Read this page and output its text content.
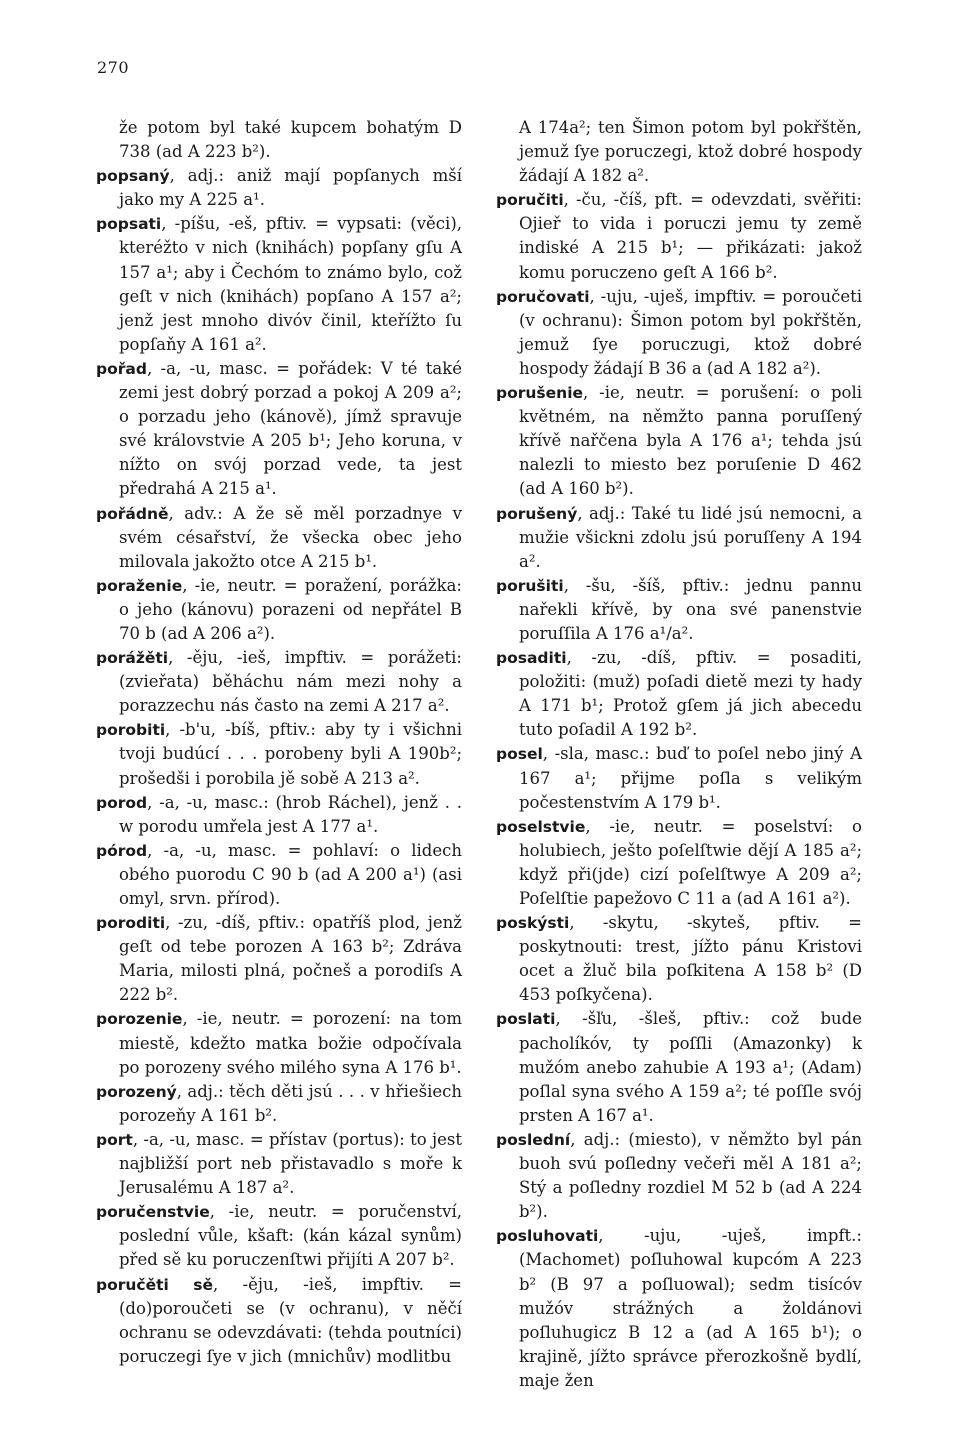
270

že potom byl také kupcem bohatým D 738 (ad A 223 b²).

popsaný, adj.: aniž mají popſanych mší jako my A 225 a¹.

popsati, -píšu, -eš, pftiv. = vypsati: (věci), kteréžto v nich (knihách) popſany gſu A 157 a¹; aby i Čechóm to známo bylo, což geſt v nich (knihách) popſano A 157 a²; jenž jest mnoho divóv činil, kteřížto ſu popſaňy A 161 a².

pořad, -a, -u, masc. = pořádek: V té také zemi jest dobrý porzad a pokoj A 209 a²; o porzadu jeho (kánově), jímž spravuje své královstvie A 205 b¹; Jeho koruna, v nížto on svój porzad vede, ta jest předrahá A 215 a¹.

pořádně, adv.: A že sě měl porzadnye v svém césařství, že všecka obec jeho milovala jakožto otce A 215 b¹.

poraženie, -ie, neutr. = poražení, porážka: o jeho (kánovu) porazeni od nepřátel B 70 b (ad A 206 a²).

porážěti, -ěju, -ieš, impftiv. = porážeti: (zvieřata) běháchu nám mezi nohy a porazzechu nás často na zemi A 217 a².

porobiti, -b'u, -bíš, pftiv.: aby ty i všichni tvoji budúcí . . . porobeny byli A 190b²; prošedši i porobila jě sobě A 213 a².

porod, -a, -u, masc.: (hrob Ráchel), jenž . . w porodu umřela jest A 177 a¹.

pórod, -a, -u, masc. = pohlaví: o lidech obého puorodu C 90 b (ad A 200 a¹) (asi omyl, srvn. přírod).

poroditi, -zu, -díš, pftiv.: opatříš plod, jenž geſt od tebe porozen A 163 b²; Zdráva Maria, milosti plná, počneš a porodiſs A 222 b².

porozenie, -ie, neutr. = porození: na tom miestě, kdežto matka božie odpočívala po porozeny svého milého syna A 176 b¹.

porozený, adj.: těch děti jsú . . . v hřiešiech porozeňy A 161 b².

port, -a, -u, masc. = přístav (portus): to jest najbližší port neb přistavadlo s moře k Jerusalému A 187 a².

poručenstvie, -ie, neutr. = poručenství, poslední vůle, kšaft: (kán kázal synům) před sě ku poruczenſtwi přijíti A 207 b².

poručěti sě, -ěju, -ieš, impftiv. = (do)poroučeti se (v ochranu), v něčí ochranu se odevzdávati: (tehda poutníci) poruczegi ſye v jich (mnichův) modlitbu

A 174a²; ten Šimon potom byl pokřštěn, jemuž ſye poruczegi, ktož dobré hospody žádají A 182 a².

poručiti, -ču, -číš, pft. = odevzdati, svěřiti: Ojieř to vida i poruczi jemu ty země indiské A 215 b¹; — přikázati: jakož komu poruczeno geſt A 166 b².

poručovati, -uju, -uješ, impftiv. = poroučeti (v ochranu): Šimon potom byl pokřštěn, jemuž ſye poruczugi, ktož dobré hospody žádají B 36 a (ad A 182 a²).

porušenie, -ie, neutr. = porušení: o poli květném, na němžto panna poruſſený křívě nařčena byla A 176 a¹; tehda jsú nalezli to miesto bez poruſenie D 462 (ad A 160 b²).

porušený, adj.: Také tu lidé jsú nemocni, a mužie všickni zdolu jsú poruſſeny A 194 a².

porušiti, -šu, -šíš, pftiv.: jednu pannu nařekli křívě, by ona své panenstvie poruſſila A 176 a¹/a².

posaditi, -zu, -díš, pftiv. = posaditi, položiti: (muž) poſadi dietě mezi ty hady A 171 b¹; Protož gſem já jich abecedu tuto poſadil A 192 b².

posel, -sla, masc.: buď to poſel nebo jiný A 167 a¹; přijme poſla s velikým počestenstvím A 179 b¹.

poselstvie, -ie, neutr. = poselství: o holubiech, ješto poſelſtwie dějí A 185 a²; když při(jde) cizí poſelſtwye A 209 a²; Poſelſtie papežovo C 11 a (ad A 161 a²).

poskýsti, -skytu, -skyteš, pftiv. = poskytnouti: trest, jížto pánu Kristovi ocet a žluč bila poſkitena A 158 b² (D 453 poſkyčena).

poslati, -šľu, -šleš, pftiv.: což bude pacholíkóv, ty poſſli (Amazonky) k mužóm anebo zahubie A 193 a¹; (Adam) poſlal syna svého A 159 a²; té poſſle svój prsten A 167 a¹.

poslední, adj.: (miesto), v němžto byl pán buoh svú poſledny večeři měl A 181 a²; Stý a poſledny rozdiel M 52 b (ad A 224 b²).

posluhovati, -uju, -uješ, impft.: (Machomet) poſluhowal kupcóm A 223 b² (B 97 a poſluowal); sedm tisícóv mužóv strážných a žoldánovi poſluhugicz B 12 a (ad A 165 b¹); o krajině, jížto správce přerozkošně bydlí, maje žen
